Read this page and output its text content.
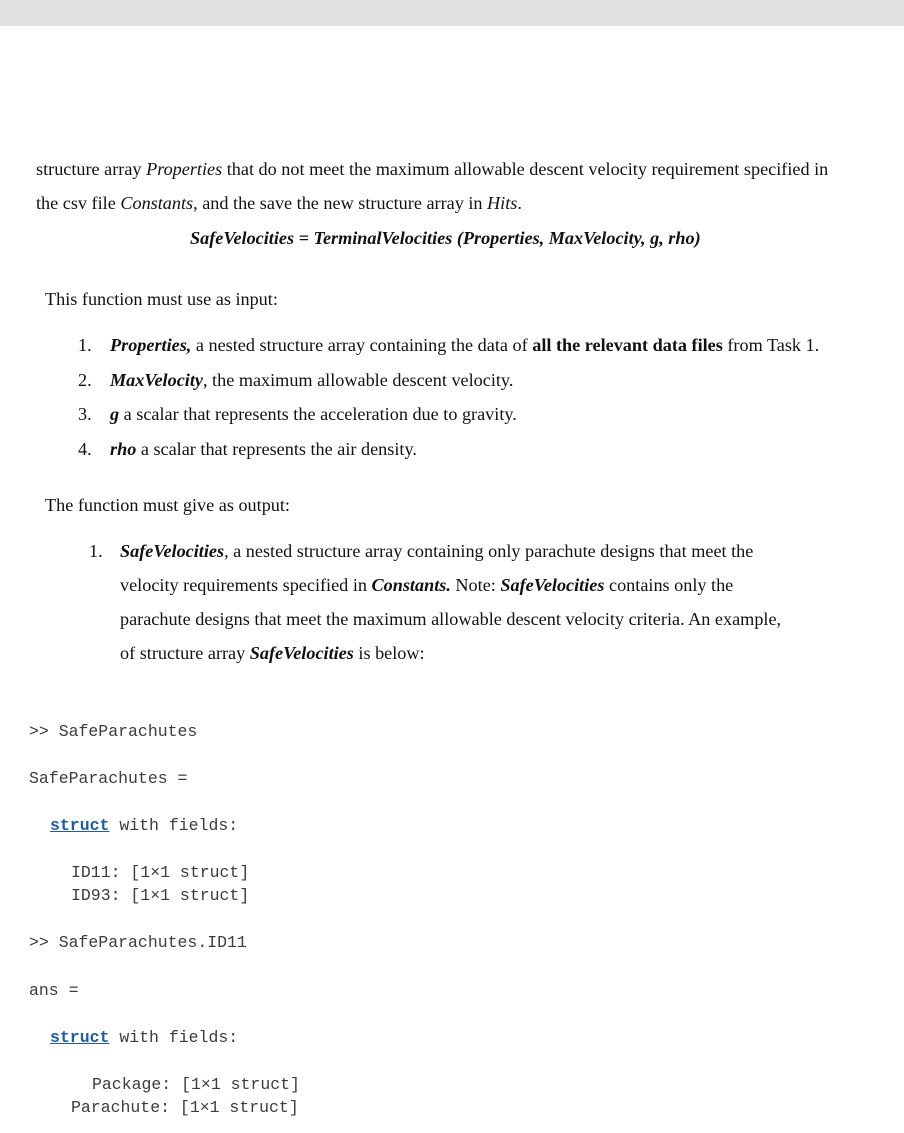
structure array Properties that do not meet the maximum allowable descent velocity requirement specified in
the csv file Constants, and the save the new structure array in Hits.
SafeVelocities = TerminalVelocities (Properties, MaxVelocity, g, rho)
This function must use as input:
1. Properties, a nested structure array containing the data of all the relevant data files from Task 1.
2. MaxVelocity, the maximum allowable descent velocity.
3. g a scalar that represents the acceleration due to gravity.
4. rho a scalar that represents the air density.
The function must give as output:
1. SafeVelocities, a nested structure array containing only parachute designs that meet the
velocity requirements specified in Constants. Note: SafeVelocities contains only the
parachute designs that meet the maximum allowable descent velocity criteria. An example,
of structure array SafeVelocities is below:
>> SafeParachutes
SafeParachutes =
struct with fields:
ID11: [1×1 struct]
ID93: [1×1 struct]
>> SafeParachutes.ID11
ans =
struct with fields:
Package: [1×1 struct]
Parachute: [1×1 struct]
